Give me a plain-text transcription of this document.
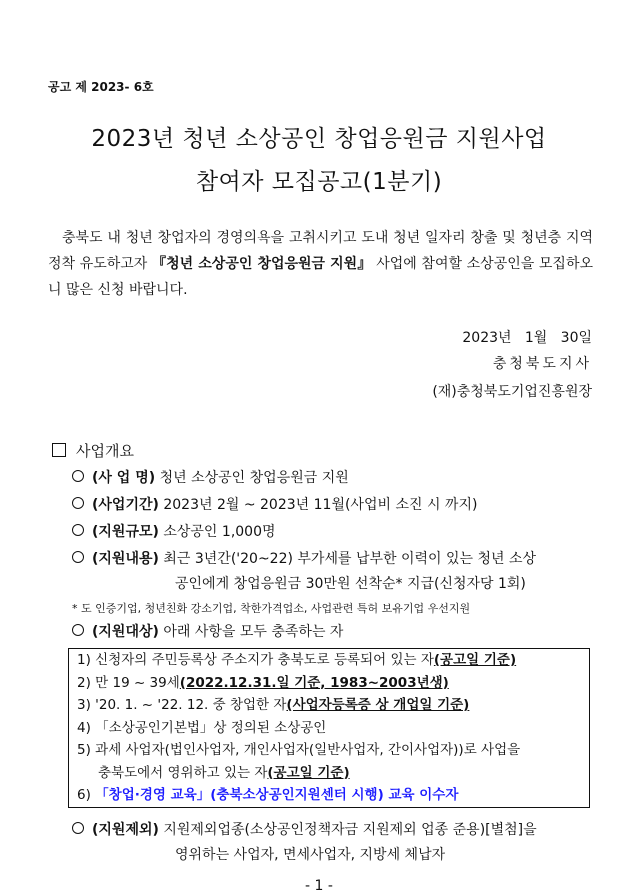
공고 제 2023- 6호
2023년 청년 소상공인 창업응원금 지원사업
참여자 모집공고(1분기)

충북도 내 청년 창업자의 경영의욕을 고취시키고 도내 청년 일자리 창출 및 청년층 지역정착 유도하고자 『청년 소상공인 창업응원금 지원』 사업에 참여할 소상공인을 모집하오니 많은 신청 바랍니다.

2023년   1월   30일
충청북도지사
(재)충청북도기업진흥원장
사업개요
(사 업 명) 청년 소상공인 창업응원금 지원
(사업기간) 2023년 2월 ~ 2023년 11월(사업비 소진 시 까지)
(지원규모) 소상공인 1,000명
(지원내용) 최근 3년간('20~22) 부가세를 납부한 이력이 있는 청년 소상
공인에게 창업응원금 30만원 선착순* 지급(신청자당 1회)
* 도 인증기업, 청년친화 강소기업, 착한가격업소, 사업관련 특허 보유기업 우선지원
(지원대상) 아래 사항을 모두 충족하는 자
1) 신청자의 주민등록상 주소지가 충북도로 등록되어 있는 자(공고일 기준)
2) 만 19 ~ 39세(2022.12.31.일 기준, 1983~2003년생)
3) '20. 1. ~ '22. 12. 중 창업한 자(사업자등록증 상 개업일 기준)
4) 「소상공인기본법」상 정의된 소상공인
5) 과세 사업자(법인사업자, 개인사업자(일반사업자, 간이사업자))로 사업을
충북도에서 영위하고 있는 자(공고일 기준)
6) 「창업·경영 교육」(충북소상공인지원센터 시행) 교육 이수자
(지원제외) 지원제외업종(소상공인정책자금 지원제외 업종 준용)[별첨]을
영위하는 사업자, 면세사업자, 지방세 체납자
- 1 -
